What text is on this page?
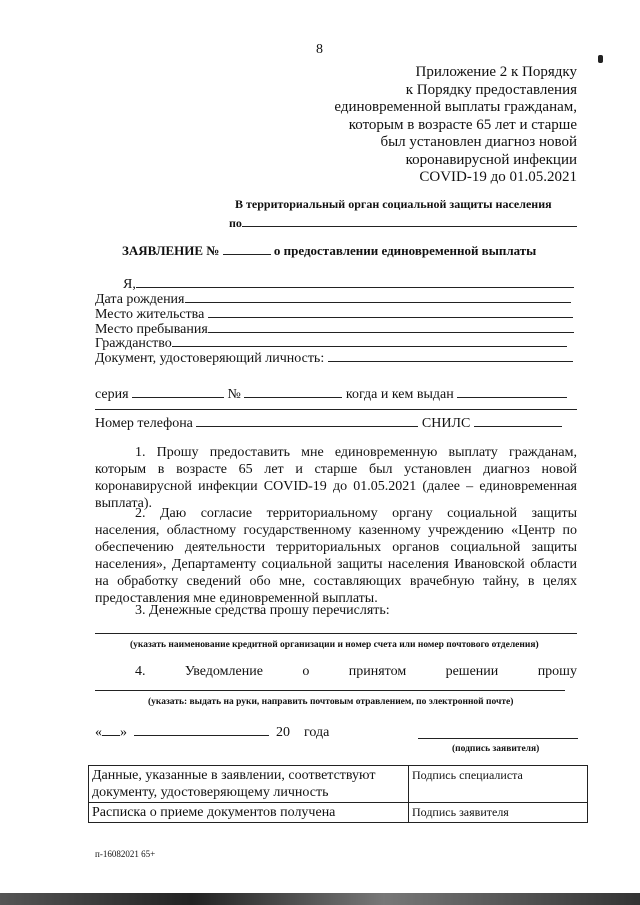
8
Приложение 2 к Порядку
к Порядку предоставления
единовременной выплаты гражданам,
которым в возрасте 65 лет и старше
был установлен диагноз новой
коронавирусной инфекции
COVID-19 до 01.05.2021
В территориальный орган социальной защиты населения
по
ЗАЯВЛЕНИЕ №	о предоставлении единовременной выплаты
Я,
Дата рождения
Место жительства
Место пребывания
Гражданство
Документ, удостоверяющий личность:
серия	№	когда и кем выдан
Номер телефона	СНИЛС
1. Прошу предоставить мне единовременную выплату гражданам, которым в возрасте 65 лет и старше был установлен диагноз новой коронавирусной инфекции COVID-19 до 01.05.2021 (далее – единовременная выплата).
2. Даю согласие территориальному органу социальной защиты населения, областному государственному казенному учреждению «Центр по обеспечению деятельности территориальных органов социальной защиты населения», Департаменту социальной защиты населения Ивановской области на обработку сведений обо мне, составляющих врачебную тайну, в целях предоставления мне единовременной выплаты.
3. Денежные средства прошу перечислять:
(указать наименование кредитной организации и номер счета или номер почтового отделения)
4.	Уведомление	о	принятом	решении	прошу
(указать: выдать на руки, направить почтовым отравлением, по электронной почте)
« »	20 года
(подпись заявителя)
Данные, указанные в заявлении, соответствуют документу, удостоверяющему личность	Подпись специалиста
Расписка о приеме документов получена	Подпись заявителя
п-16082021 65+
